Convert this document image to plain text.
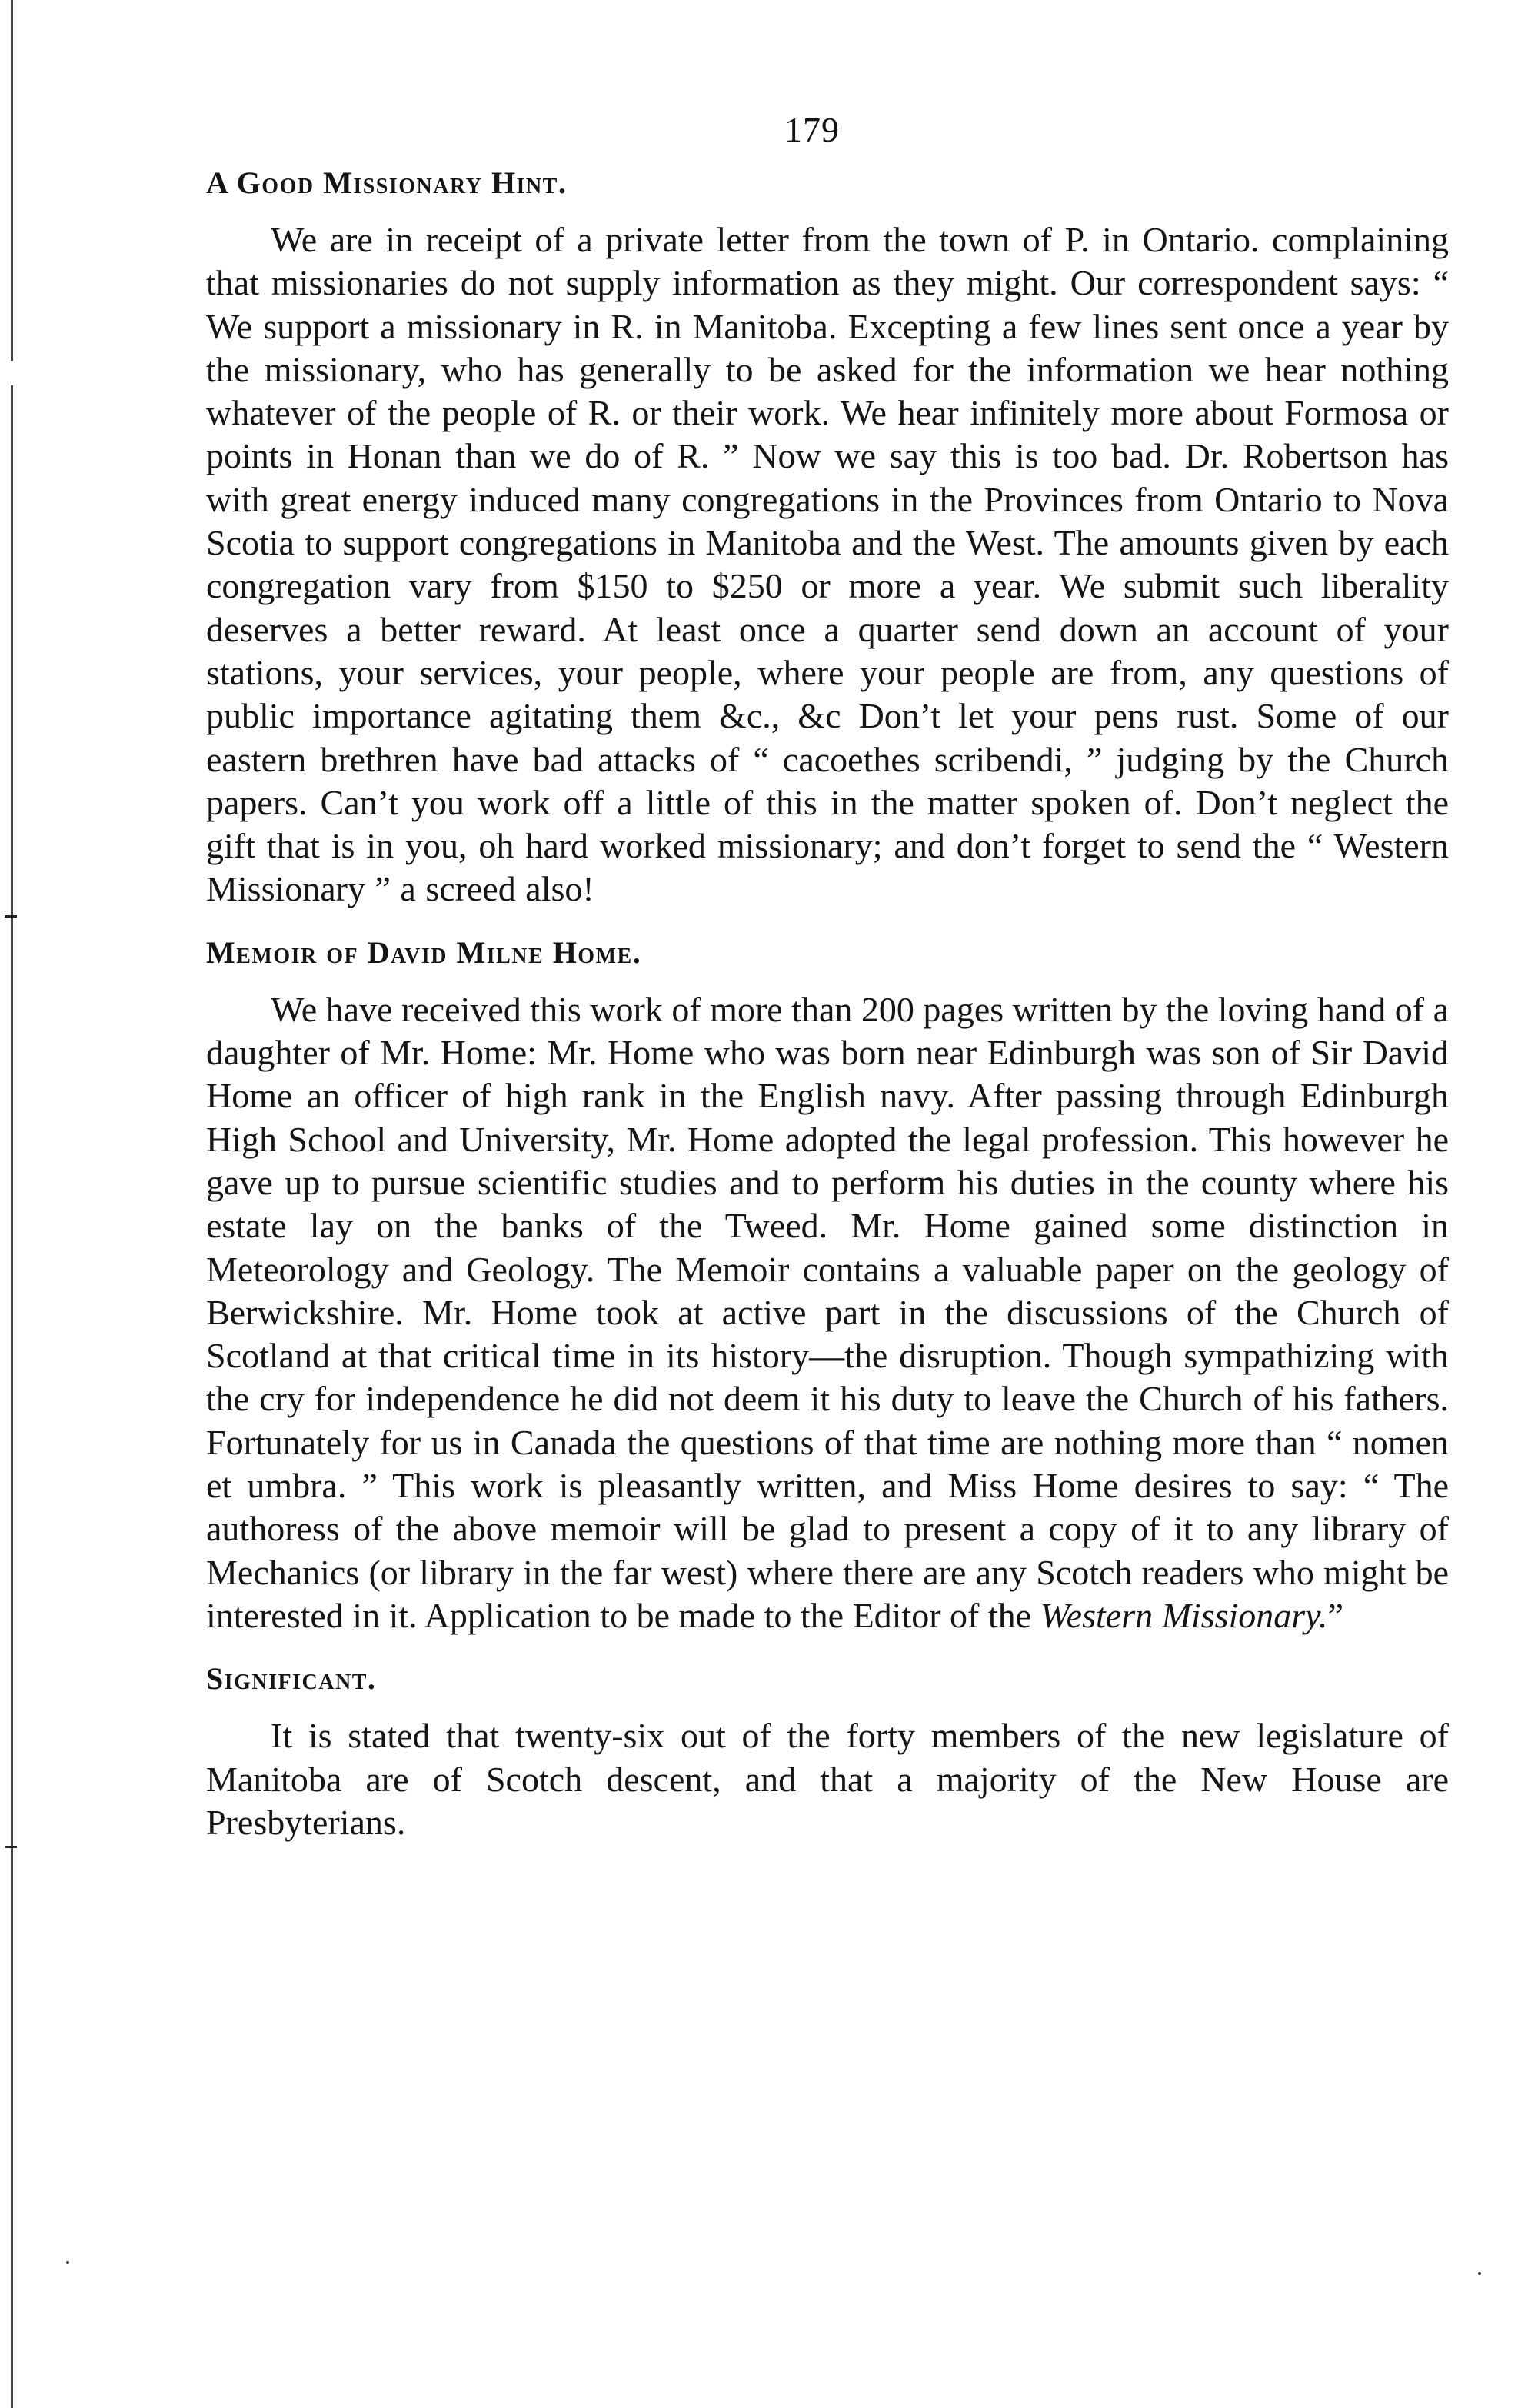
179
A Good Missionary Hint.

We are in receipt of a private letter from the town of P. in Ontario. complaining that missionaries do not supply information as they might. Our correspondent says: “ We support a missionary in R. in Manitoba. Excepting a few lines sent once a year by the missionary, who has generally to be asked for the information we hear nothing whatever of the people of R. or their work. We hear infinitely more about Formosa or points in Honan than we do of R. ” Now we say this is too bad. Dr. Robertson has with great energy induced many congregations in the Provinces from Ontario to Nova Scotia to support congregations in Manitoba and the West. The amounts given by each congregation vary from $150 to $250 or more a year. We submit such liberality deserves a better reward. At least once a quarter send down an account of your stations, your services, your people, where your people are from, any questions of public importance agitating them &c., &c Don’t let your pens rust. Some of our eastern brethren have bad attacks of “ cacoethes scribendi, ” judging by the Church papers. Can’t you work off a little of this in the matter spoken of. Don’t neglect the gift that is in you, oh hard worked missionary; and don’t forget to send the “ Western Missionary ” a screed also!

Memoir of David Milne Home.

We have received this work of more than 200 pages written by the loving hand of a daughter of Mr. Home: Mr. Home who was born near Edinburgh was son of Sir David Home an officer of high rank in the English navy. After passing through Edinburgh High School and University, Mr. Home adopted the legal profession. This however he gave up to pursue scientific studies and to perform his duties in the county where his estate lay on the banks of the Tweed. Mr. Home gained some distinction in Meteorology and Geology. The Memoir contains a valuable paper on the geology of Berwickshire. Mr. Home took at active part in the discussions of the Church of Scotland at that critical time in its history—the disruption. Though sympathizing with the cry for independence he did not deem it his duty to leave the Church of his fathers. Fortunately for us in Canada the questions of that time are nothing more than “ nomen et umbra. ” This work is pleasantly written, and Miss Home desires to say: “ The authoress of the above memoir will be glad to present a copy of it to any library of Mechanics (or library in the far west) where there are any Scotch readers who might be interested in it. Application to be made to the Editor of the Western Missionary.”

Significant.

It is stated that twenty-six out of the forty members of the new legislature of Manitoba are of Scotch descent, and that a majority of the New House are Presbyterians.
